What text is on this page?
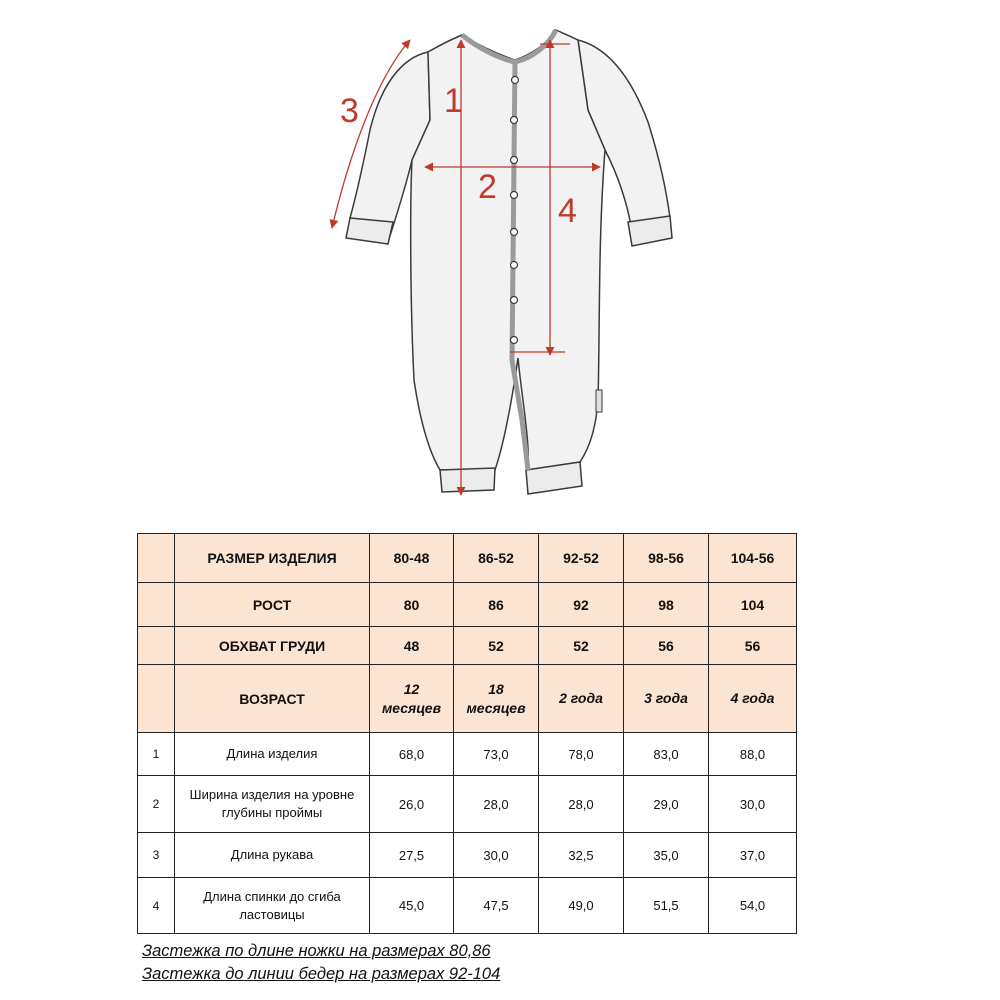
1
2
3
4
	РАЗМЕР ИЗДЕЛИЯ	80-48	86-52	92-52	98-56	104-56
	РОСТ	80	86	92	98	104
	ОБХВАТ ГРУДИ	48	52	52	56	56
	ВОЗРАСТ	12 месяцев	18 месяцев	2 года	3 года	4 года
1	Длина изделия	68,0	73,0	78,0	83,0	88,0
2	Ширина изделия на уровне глубины проймы	26,0	28,0	28,0	29,0	30,0
3	Длина рукава	27,5	30,0	32,5	35,0	37,0
4	Длина спинки до сгиба ластовицы	45,0	47,5	49,0	51,5	54,0
Застежка по длине ножки на размерах 80,86
Застежка до линии бедер на размерах 92-104
